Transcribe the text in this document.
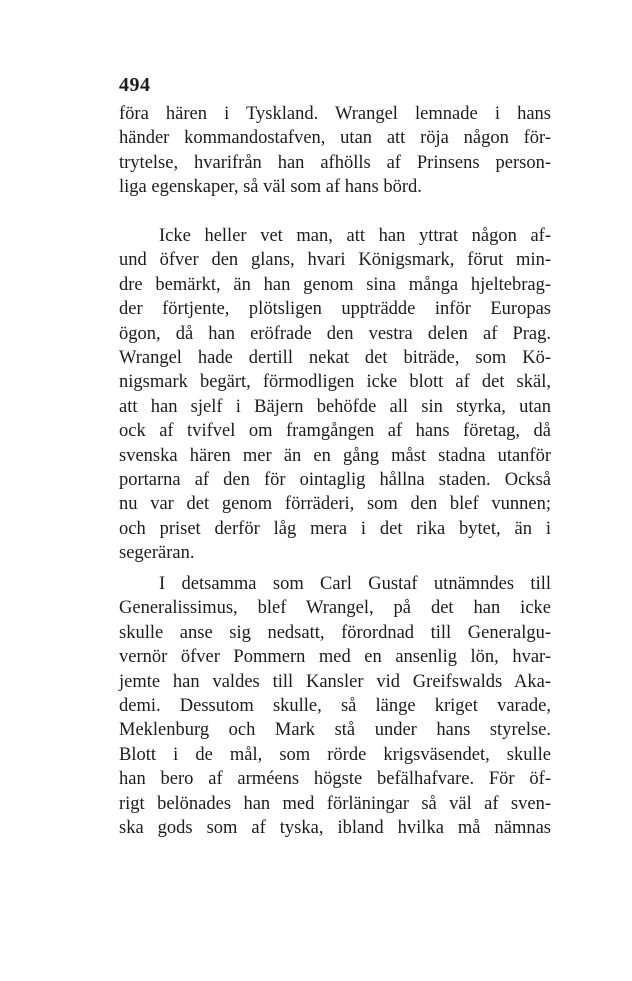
494
föra hären i Tyskland. Wrangel lemnade i hans
händer kommandostafven, utan att röja någon för-
trytelse, hvarifrån han afhölls af Prinsens person-
liga egenskaper, så väl som af hans börd.
Icke heller vet man, att han yttrat någon af-
und öfver den glans, hvari Königsmark, förut min-
dre bemärkt, än han genom sina många hjeltebrag-
der förtjente, plötsligen uppträdde inför Europas
ögon, då han eröfrade den vestra delen af Prag.
Wrangel hade dertill nekat det biträde, som Kö-
nigsmark begärt, förmodligen icke blott af det skäl,
att han sjelf i Bäjern behöfde all sin styrka, utan
ock af tvifvel om framgången af hans företag, då
svenska hären mer än en gång måst stadna utanför
portarna af den för ointaglig hållna staden. Också
nu var det genom förräderi, som den blef vunnen;
och priset derför låg mera i det rika bytet, än i
segeräran.
I detsamma som Carl Gustaf utnämndes till
Generalissimus, blef Wrangel, på det han icke
skulle anse sig nedsatt, förordnad till Generalgu-
vernör öfver Pommern med en ansenlig lön, hvar-
jemte han valdes till Kansler vid Greifswalds Aka-
demi. Dessutom skulle, så länge kriget varade,
Meklenburg och Mark stå under hans styrelse.
Blott i de mål, som rörde krigsväsendet, skulle
han bero af arméens högste befälhafvare. För öf-
rigt belönades han med förläningar så väl af sven-
ska gods som af tyska, ibland hvilka må nämnas
